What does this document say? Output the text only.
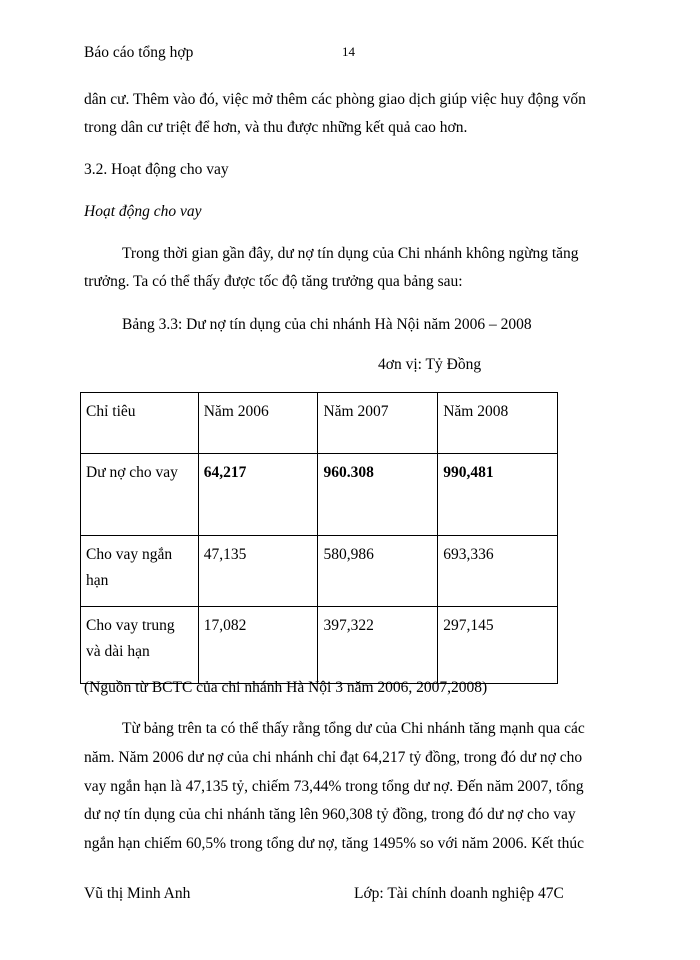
Báo cáo tổng hợp	14
dân cư. Thêm vào đó, việc mở thêm các phòng giao dịch giúp việc huy động vốn
trong dân cư triệt để hơn, và thu được những kết quả cao hơn.
3.2. Hoạt động cho vay
Hoạt động cho vay
Trong thời gian gần đây, dư nợ tín dụng của Chi nhánh không ngừng tăng
trưởng. Ta có thể thấy được tốc độ tăng trưởng qua bảng sau:
Bảng 3.3: Dư nợ tín dụng của chi nhánh Hà Nội năm 2006 – 2008
4ơn vị: Tỷ Đồng
Chỉ tiêu	Năm 2006	Năm 2007	Năm 2008
Dư nợ cho vay	64,217	960.308	990,481
Cho vay ngắn hạn	47,135	580,986	693,336
Cho vay trung và dài hạn	17,082	397,322	297,145
(Nguồn từ BCTC của chi nhánh Hà Nội 3 năm 2006, 2007,2008)
Từ bảng trên ta có thể thấy rằng tổng dư của Chi nhánh tăng mạnh qua các
năm. Năm 2006 dư nợ của chi nhánh chỉ đạt 64,217 tỷ đồng, trong đó dư nợ cho
vay ngắn hạn là 47,135 tỷ, chiếm 73,44% trong tổng dư nợ. Đến năm 2007, tổng
dư nợ tín dụng của chi nhánh tăng lên 960,308 tỷ đồng, trong đó dư nợ cho vay
ngắn hạn chiếm 60,5% trong tổng dư nợ, tăng 1495% so với năm 2006. Kết thúc
Vũ thị Minh Anh	Lớp: Tài chính doanh nghiệp 47C
